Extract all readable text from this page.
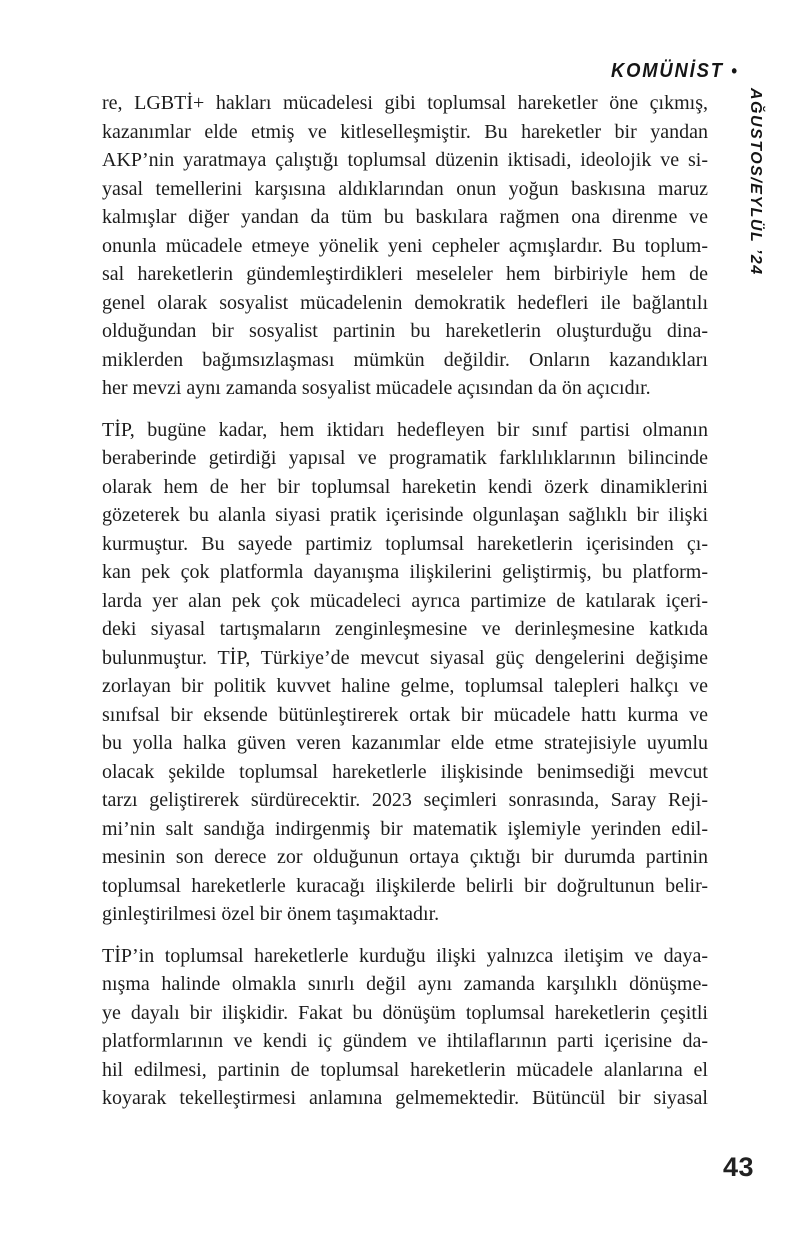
KOMÜNİST •
AĞUSTOS/EYLÜL ’24
re, LGBTİ+ hakları mücadelesi gibi toplumsal hareketler öne çıkmış,
kazanımlar elde etmiş ve kitleselleşmiştir. Bu hareketler bir yandan
AKP’nin yaratmaya çalıştığı toplumsal düzenin iktisadi, ideolojik ve si-
yasal temellerini karşısına aldıklarından onun yoğun baskısına maruz
kalmışlar diğer yandan da tüm bu baskılara rağmen ona direnme ve
onunla mücadele etmeye yönelik yeni cepheler açmışlardır. Bu toplum-
sal hareketlerin gündemleştirdikleri meseleler hem birbiriyle hem de
genel olarak sosyalist mücadelenin demokratik hedefleri ile bağlantılı
olduğundan bir sosyalist partinin bu hareketlerin oluşturduğu dina-
miklerden bağımsızlaşması mümkün değildir. Onların kazandıkları
her mevzi aynı zamanda sosyalist mücadele açısından da ön açıcıdır.
TİP, bugüne kadar, hem iktidarı hedefleyen bir sınıf partisi olmanın
beraberinde getirdiği yapısal ve programatik farklılıklarının bilincinde
olarak hem de her bir toplumsal hareketin kendi özerk dinamiklerini
gözeterek bu alanla siyasi pratik içerisinde olgunlaşan sağlıklı bir ilişki
kurmuştur. Bu sayede partimiz toplumsal hareketlerin içerisinden çı-
kan pek çok platformla dayanışma ilişkilerini geliştirmiş, bu platform-
larda yer alan pek çok mücadeleci ayrıca partimize de katılarak içeri-
deki siyasal tartışmaların zenginleşmesine ve derinleşmesine katkıda
bulunmuştur. TİP, Türkiye’de mevcut siyasal güç dengelerini değişime
zorlayan bir politik kuvvet haline gelme, toplumsal talepleri halkçı ve
sınıfsal bir eksende bütünleştirerek ortak bir mücadele hattı kurma ve
bu yolla halka güven veren kazanımlar elde etme stratejisiyle uyumlu
olacak şekilde toplumsal hareketlerle ilişkisinde benimsediği mevcut
tarzı geliştirerek sürdürecektir. 2023 seçimleri sonrasında, Saray Reji-
mi’nin salt sandığa indirgenmiş bir matematik işlemiyle yerinden edil-
mesinin son derece zor olduğunun ortaya çıktığı bir durumda partinin
toplumsal hareketlerle kuracağı ilişkilerde belirli bir doğrultunun belir-
ginleştirilmesi özel bir önem taşımaktadır.
TİP’in toplumsal hareketlerle kurduğu ilişki yalnızca iletişim ve daya-
nışma halinde olmakla sınırlı değil aynı zamanda karşılıklı dönüşme-
ye dayalı bir ilişkidir. Fakat bu dönüşüm toplumsal hareketlerin çeşitli
platformlarının ve kendi iç gündem ve ihtilaflarının parti içerisine da-
hil edilmesi, partinin de toplumsal hareketlerin mücadele alanlarına el
koyarak tekelleştirmesi anlamına gelmemektedir. Bütüncül bir siyasal
43
